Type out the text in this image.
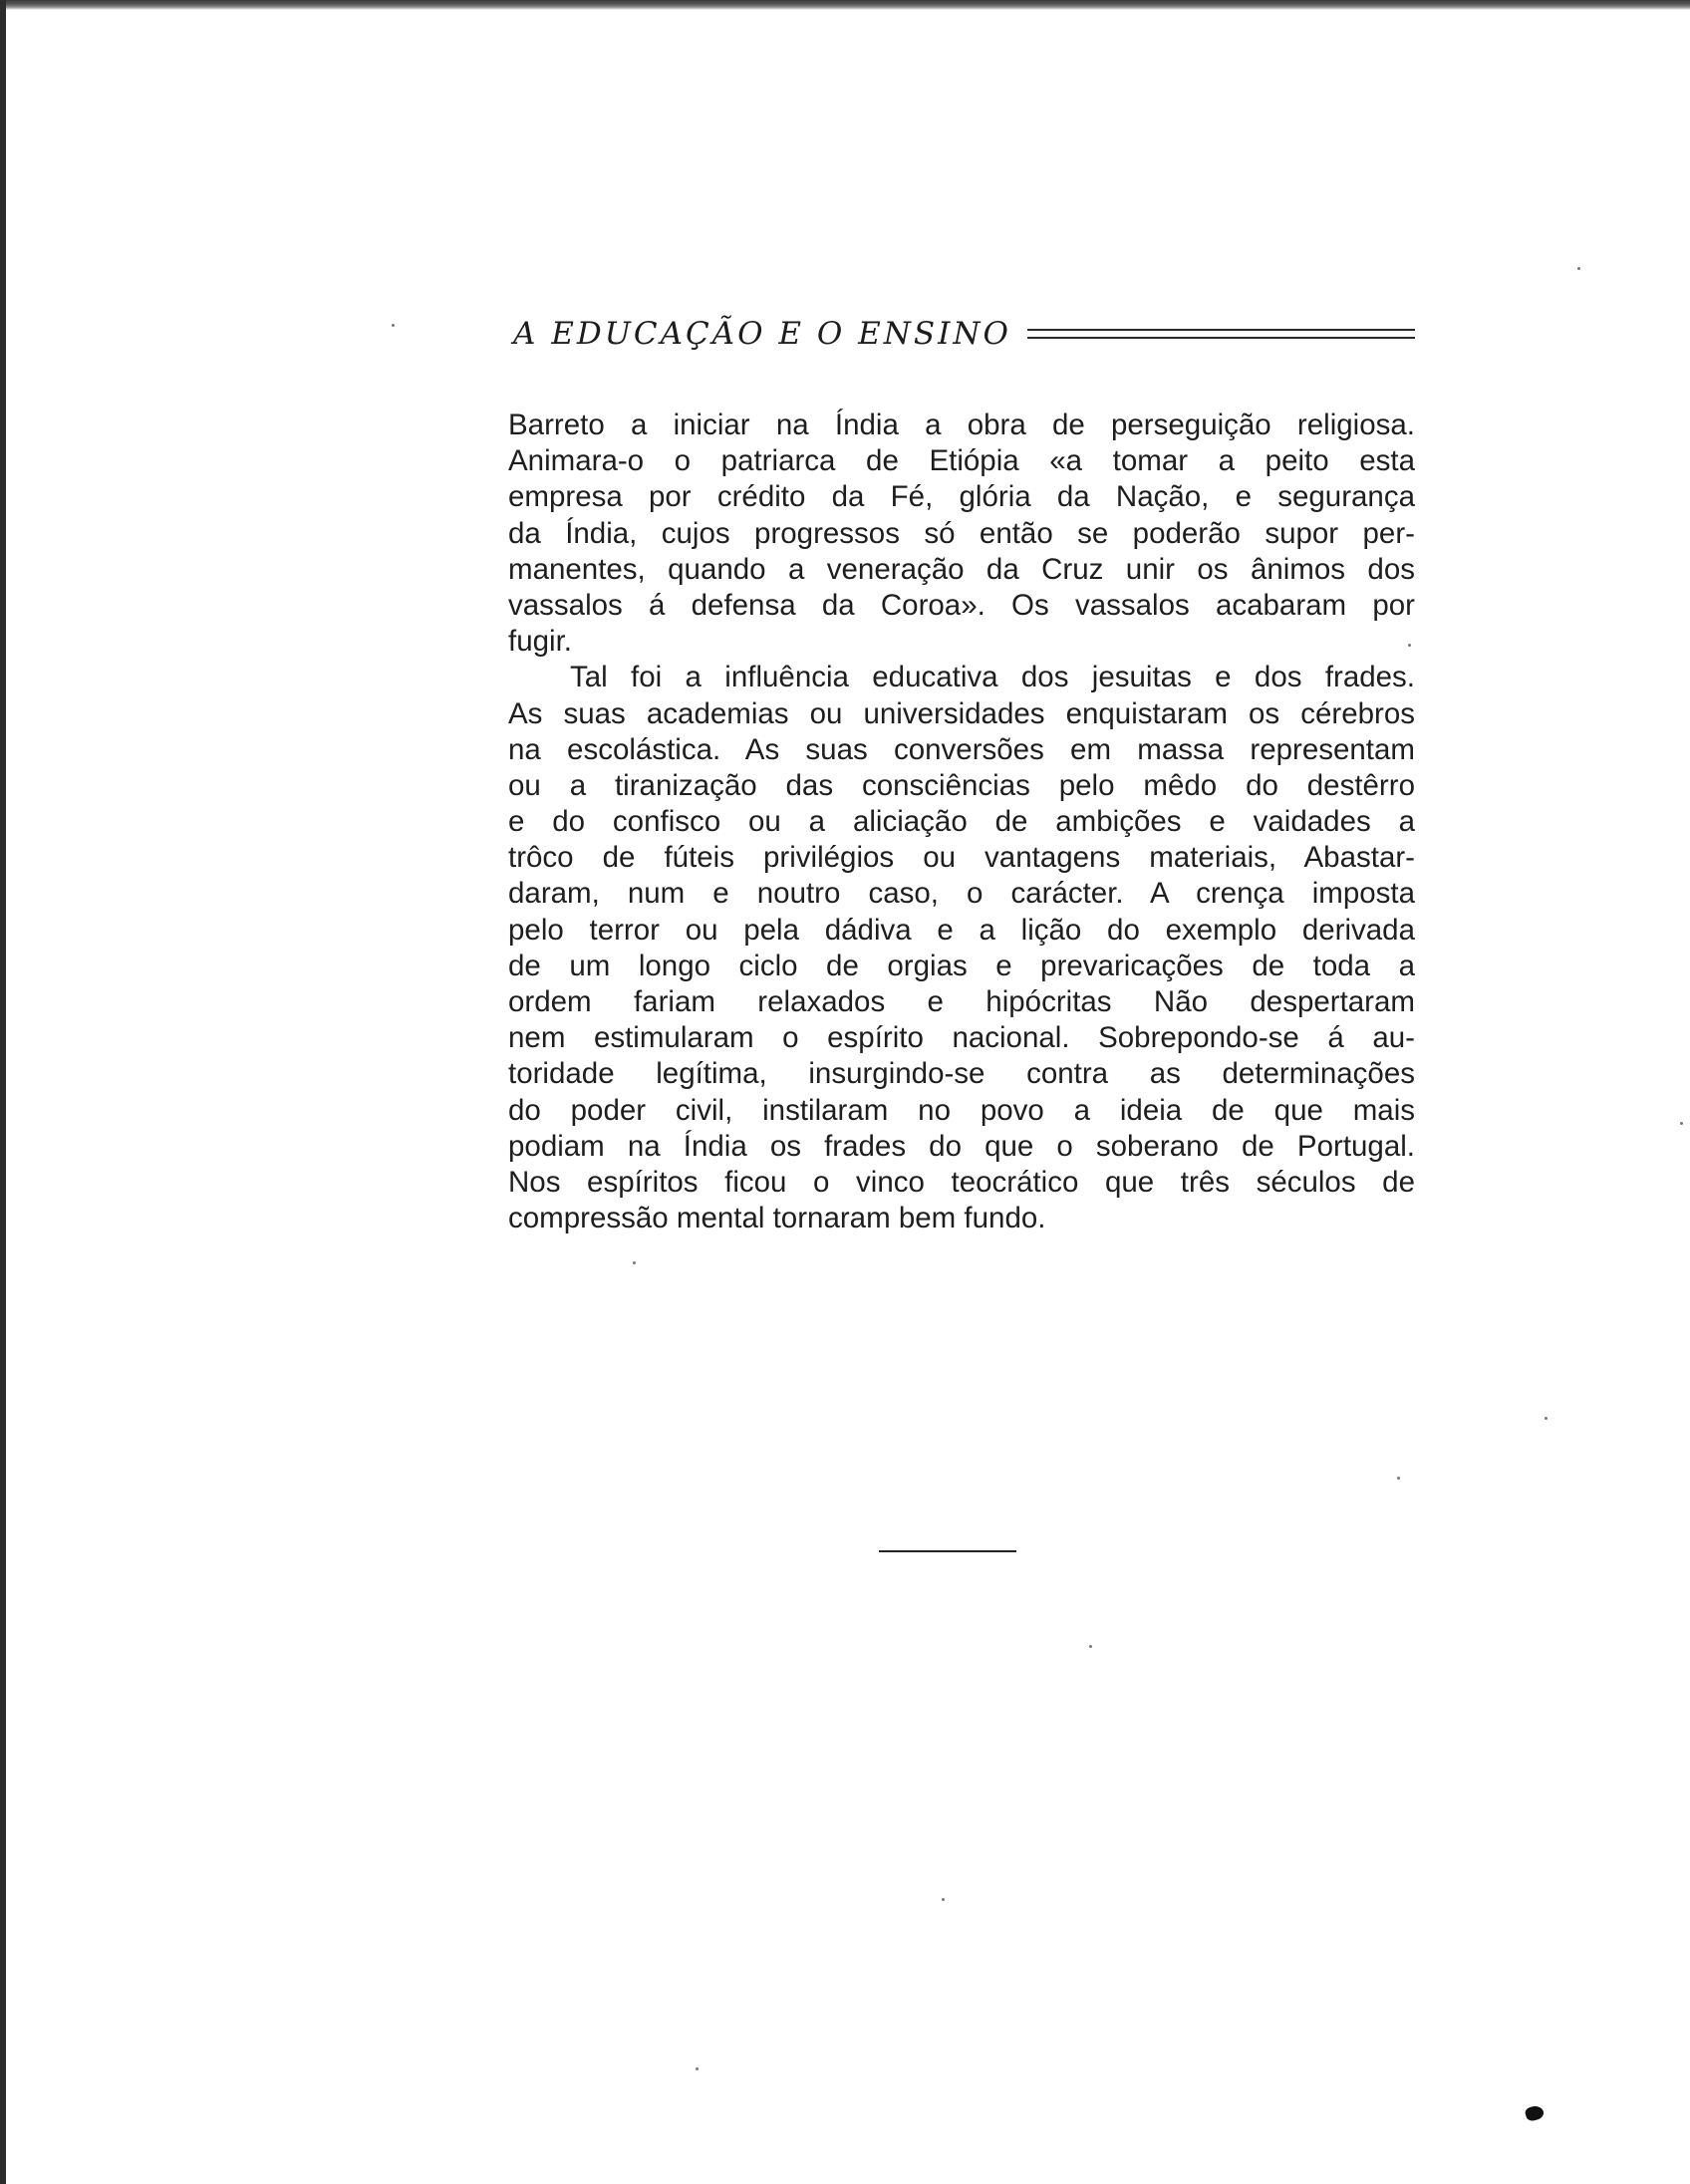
A EDUCAÇÃO E O ENSINO
Barreto a iniciar na Índia a obra de perseguição religiosa.
Animara-o o patriarca de Etiópia «a tomar a peito esta
empresa por crédito da Fé, glória da Nação, e segurança
da Índia, cujos progressos só então se poderão supor per-
manentes, quando a veneração da Cruz unir os ânimos dos
vassalos á defensa da Coroa». Os vassalos acabaram por
fugir.
Tal foi a influência educativa dos jesuitas e dos frades.
As suas academias ou universidades enquistaram os cérebros
na escolástica. As suas conversões em massa representam
ou a tiranização das consciências pelo mêdo do destêrro
e do confisco ou a aliciação de ambições e vaidades a
trôco de fúteis privilégios ou vantagens materiais, Abastar-
daram, num e noutro caso, o carácter. A crença imposta
pelo terror ou pela dádiva e a lição do exemplo derivada
de um longo ciclo de orgias e prevaricações de toda a
ordem fariam relaxados e hipócritas Não despertaram
nem estimularam o espírito nacional. Sobrepondo-se á au-
toridade legítima, insurgindo-se contra as determinações
do poder civil, instilaram no povo a ideia de que mais
podiam na Índia os frades do que o soberano de Portugal.
Nos espíritos ficou o vinco teocrático que três séculos de
compressão mental tornaram bem fundo.
